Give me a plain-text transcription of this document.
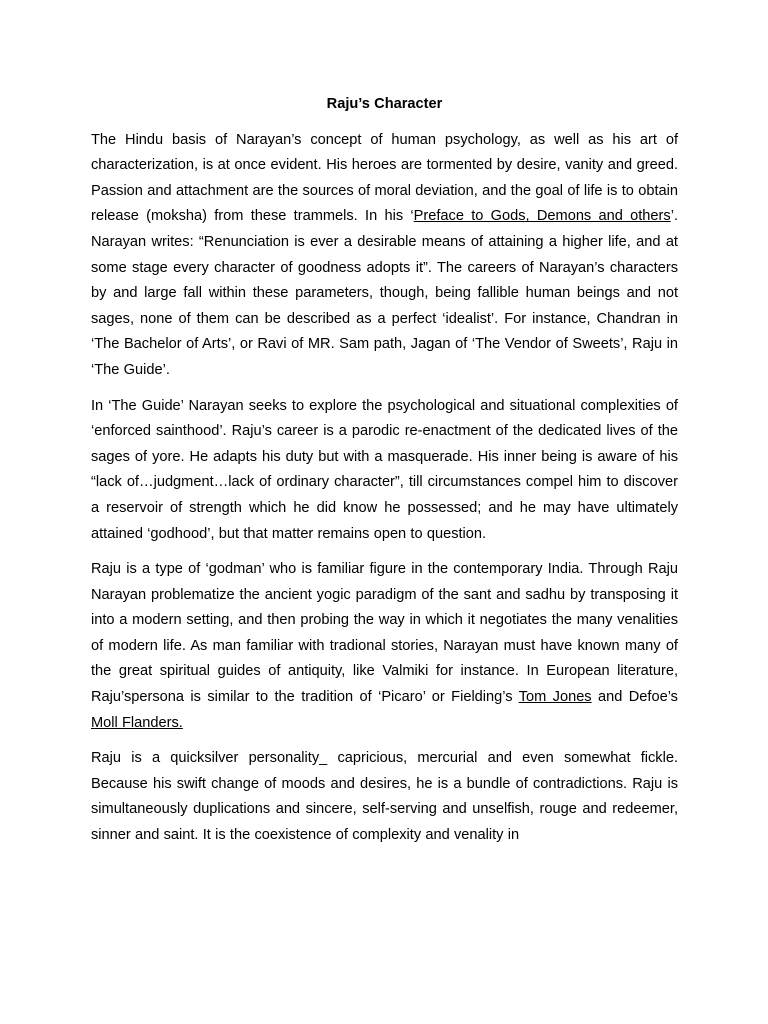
Raju’s Character

The Hindu basis of Narayan’s concept of human psychology, as well as his art of characterization, is at once evident. His heroes are tormented by desire, vanity and greed. Passion and attachment are the sources of moral deviation, and the goal of life is to obtain release (moksha) from these trammels. In his ‘Preface to Gods, Demons and others’. Narayan writes: “Renunciation is ever a desirable means of attaining a higher life, and at some stage every character of goodness adopts it”. The careers of Narayan’s characters by and large fall within these parameters, though, being fallible human beings and not sages, none of them can be described as a perfect ‘idealist’. For instance, Chandran in ‘The Bachelor of Arts’, or Ravi of MR. Sam path, Jagan of ‘The Vendor of Sweets’, Raju in ‘The Guide’.

In ‘The Guide’ Narayan seeks to explore the psychological and situational complexities of ‘enforced sainthood’. Raju’s career is a parodic re-enactment of the dedicated lives of the sages of yore. He adapts his duty but with a masquerade. His inner being is aware of his “lack of…judgment…lack of ordinary character”, till circumstances compel him to discover a reservoir of strength which he did know he possessed; and he may have ultimately attained ‘godhood’, but that matter remains open to question.

Raju is a type of ‘godman’ who is familiar figure in the contemporary India. Through Raju Narayan problematize the ancient yogic paradigm of the sant and sadhu by transposing it into a modern setting, and then probing the way in which it negotiates the many venalities of modern life. As man familiar with tradional stories, Narayan must have known many of the great spiritual guides of antiquity, like Valmiki for instance. In European literature, Raju’spersona is similar to the tradition of ‘Picaro’ or Fielding’s Tom Jones and Defoe’s Moll Flanders.

Raju is a quicksilver personality_ capricious, mercurial and even somewhat fickle. Because his swift change of moods and desires, he is a bundle of contradictions. Raju is simultaneously duplications and sincere, self-serving and unselfish, rouge and redeemer, sinner and saint. It is the coexistence of complexity and venality in
